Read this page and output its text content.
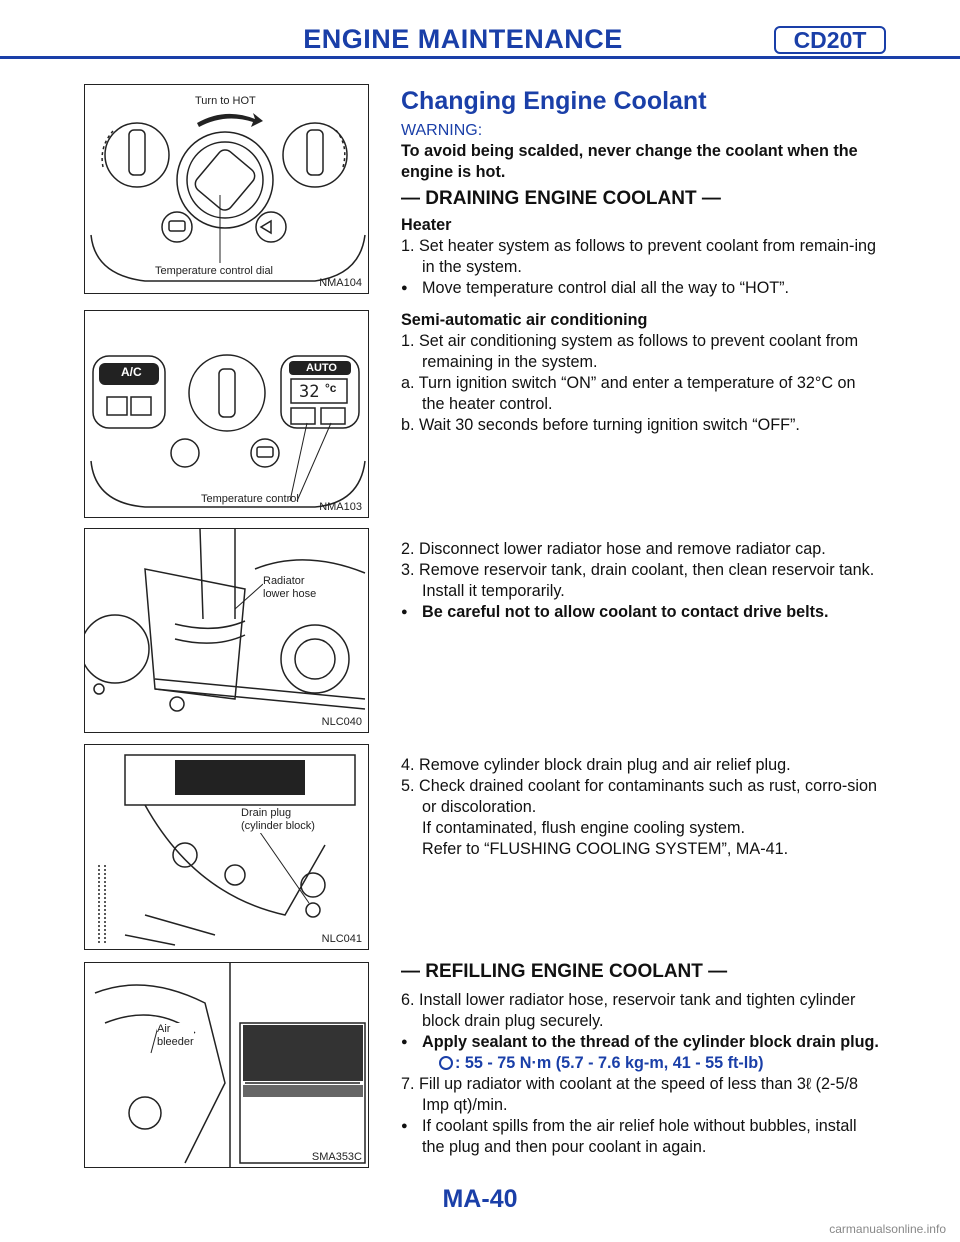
ENGINE MAINTENANCE	CD20T
Turn to HOT
Temperature control dial
NMA104
A/C	AUTO
32 °c
Temperature control
NMA103
Radiator
lower hose
NLC040
Drain plug
(cylinder block)
NLC041
Air
bleeder
SMA353C
Changing Engine Coolant
WARNING:
To avoid being scalded, never change the coolant when the engine is hot.
— DRAINING ENGINE COOLANT —
Heater
1. Set heater system as follows to prevent coolant from remain-ing in the system.
● Move temperature control dial all the way to “HOT”.
Semi-automatic air conditioning
1. Set air conditioning system as follows to prevent coolant from remaining in the system.
a. Turn ignition switch “ON” and enter a temperature of 32°C on the heater control.
b. Wait 30 seconds before turning ignition switch “OFF”.
2. Disconnect lower radiator hose and remove radiator cap.
3. Remove reservoir tank, drain coolant, then clean reservoir tank.
Install it temporarily.
● Be careful not to allow coolant to contact drive belts.
4. Remove cylinder block drain plug and air relief plug.
5. Check drained coolant for contaminants such as rust, corro-sion or discoloration.
If contaminated, flush engine cooling system.
Refer to “FLUSHING COOLING SYSTEM”, MA-41.
— REFILLING ENGINE COOLANT —
6. Install lower radiator hose, reservoir tank and tighten cylinder block drain plug securely.
● Apply sealant to the thread of the cylinder block drain plug.
: 55 - 75 N·m (5.7 - 7.6 kg-m, 41 - 55 ft-lb)
7. Fill up radiator with coolant at the speed of less than 3ℓ (2-5/8 Imp qt)/min.
● If coolant spills from the air relief hole without bubbles, install the plug and then pour coolant in again.
MA-40
carmanualsonline.info
